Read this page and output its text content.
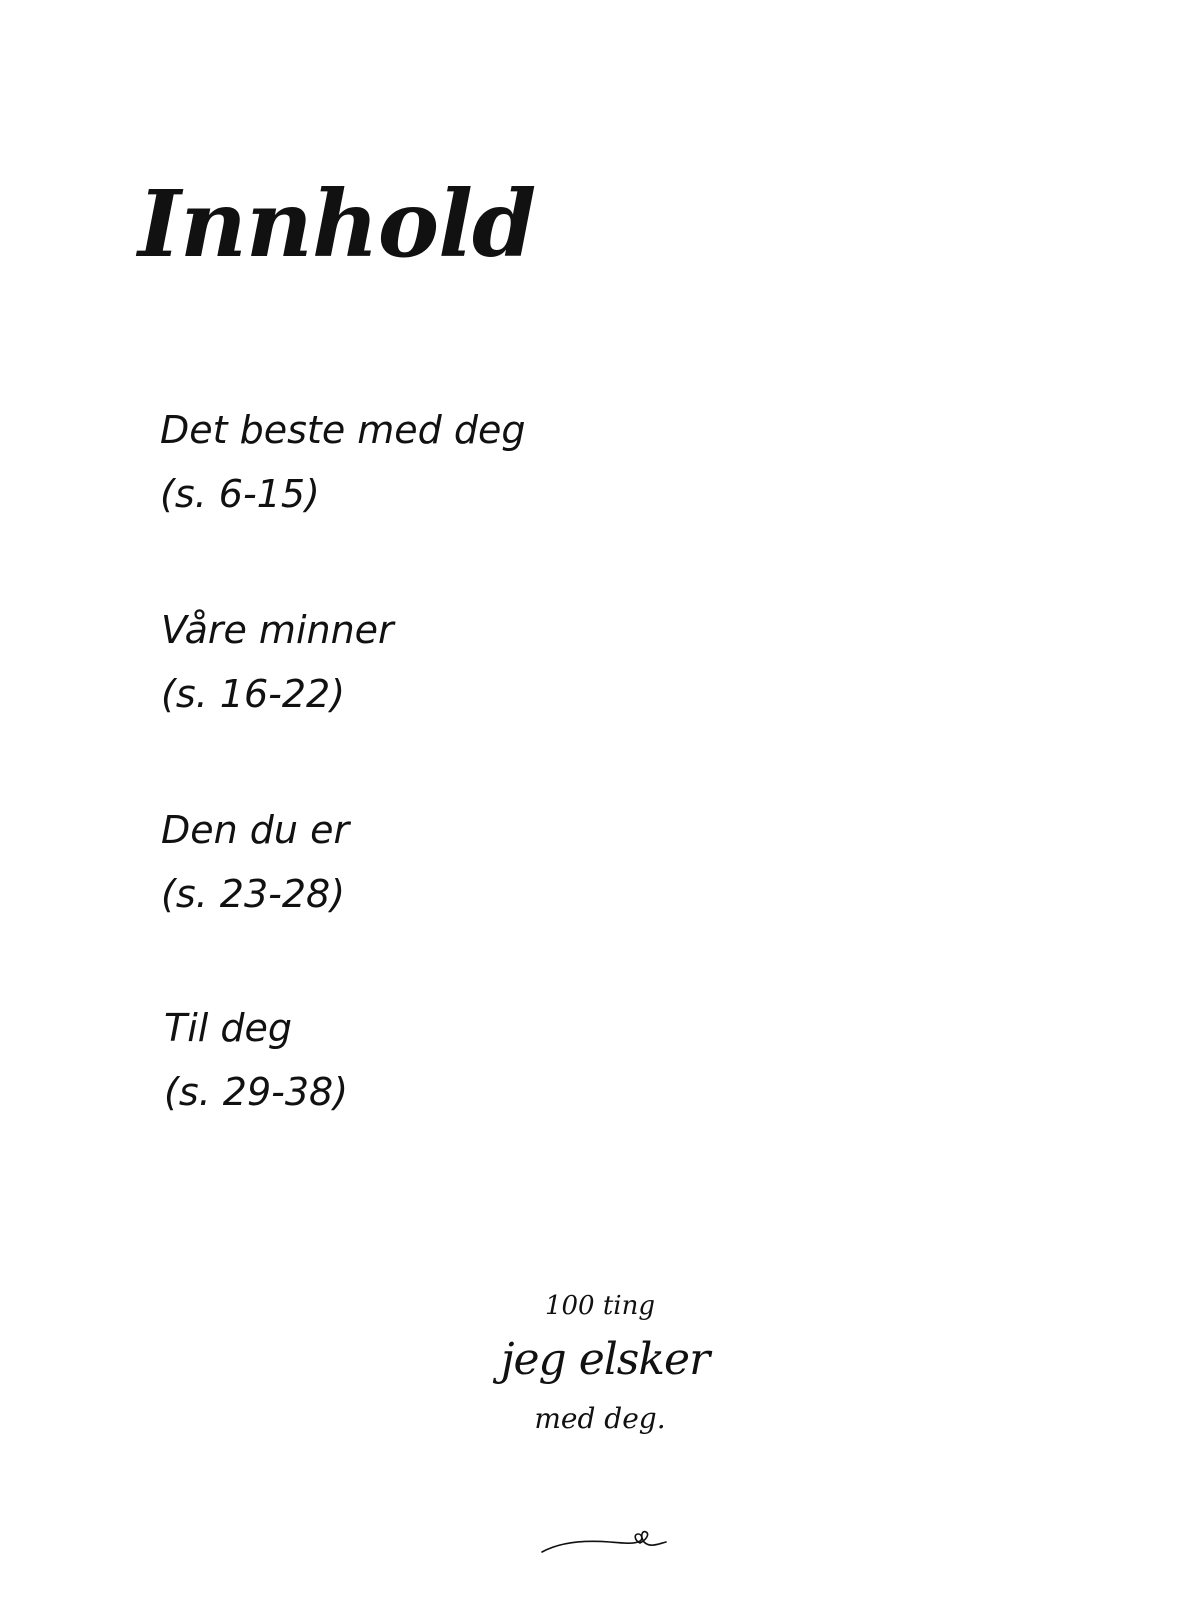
Innhold
Det beste med deg
(s. 6-15)
Våre minner
(s. 16-22)
Den du er
(s. 23-28)
Til deg
(s. 29-38)
100 ting
jeg elsker
med deg.
